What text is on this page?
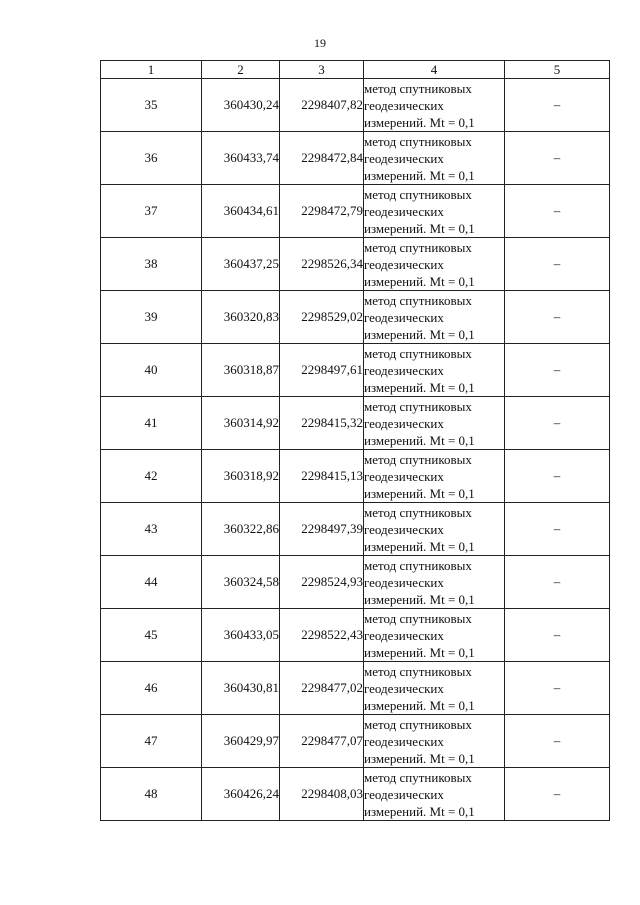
19
1	2	3	4	5
35	360430,24	2298407,82	метод спутниковых
геодезических
измерений. Mt = 0,1	–
36	360433,74	2298472,84	метод спутниковых
геодезических
измерений. Mt = 0,1	–
37	360434,61	2298472,79	метод спутниковых
геодезических
измерений. Mt = 0,1	–
38	360437,25	2298526,34	метод спутниковых
геодезических
измерений. Mt = 0,1	–
39	360320,83	2298529,02	метод спутниковых
геодезических
измерений. Mt = 0,1	–
40	360318,87	2298497,61	метод спутниковых
геодезических
измерений. Mt = 0,1	–
41	360314,92	2298415,32	метод спутниковых
геодезических
измерений. Mt = 0,1	–
42	360318,92	2298415,13	метод спутниковых
геодезических
измерений. Mt = 0,1	–
43	360322,86	2298497,39	метод спутниковых
геодезических
измерений. Mt = 0,1	–
44	360324,58	2298524,93	метод спутниковых
геодезических
измерений. Mt = 0,1	–
45	360433,05	2298522,43	метод спутниковых
геодезических
измерений. Mt = 0,1	–
46	360430,81	2298477,02	метод спутниковых
геодезических
измерений. Mt = 0,1	–
47	360429,97	2298477,07	метод спутниковых
геодезических
измерений. Mt = 0,1	–
48	360426,24	2298408,03	метод спутниковых
геодезических
измерений. Mt = 0,1	–
